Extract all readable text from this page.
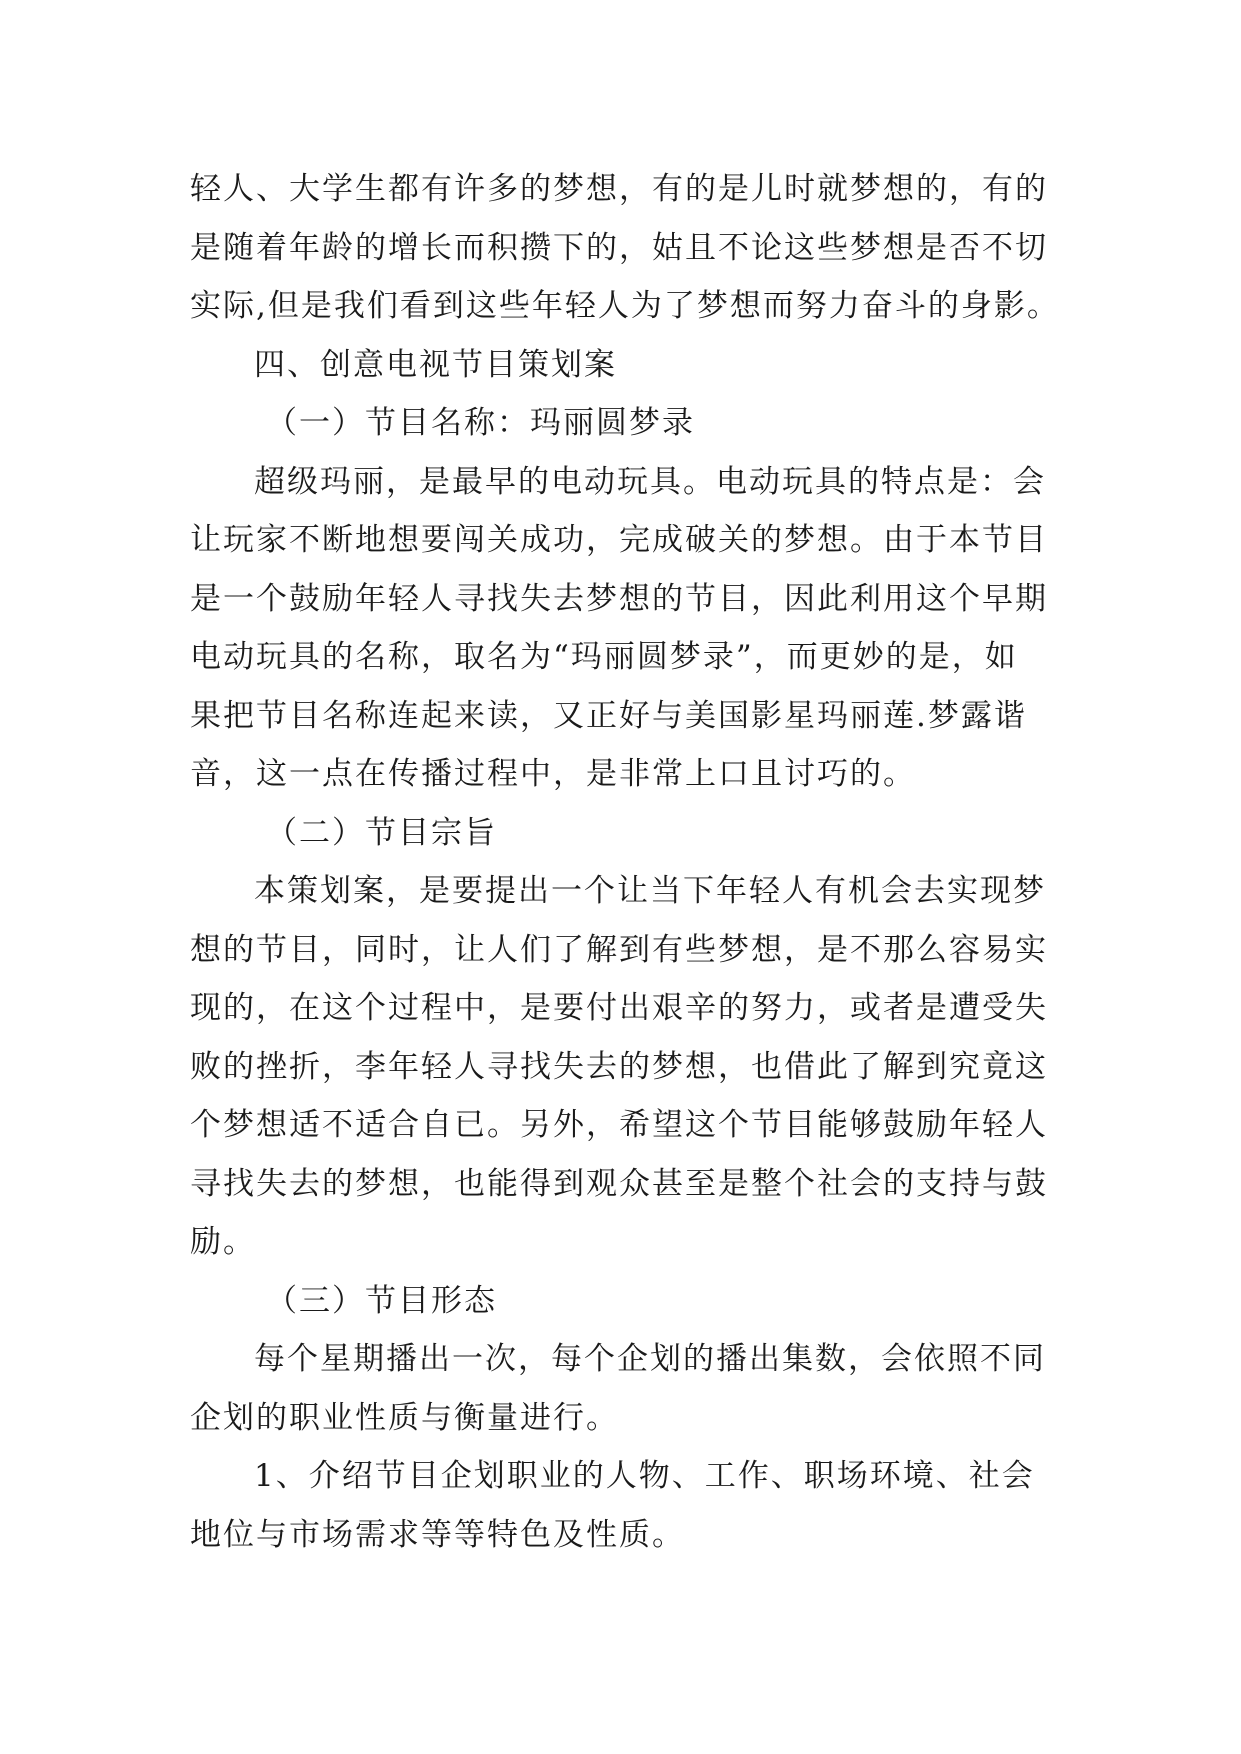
轻人、大学生都有许多的梦想，有的是儿时就梦想的，有的

是随着年龄的增长而积攒下的，姑且不论这些梦想是否不切

实际,但是我们看到这些年轻人为了梦想而努力奋斗的身影。

四、创意电视节目策划案

（一）节目名称：玛丽圆梦录

超级玛丽，是最早的电动玩具。电动玩具的特点是：会

让玩家不断地想要闯关成功，完成破关的梦想。由于本节目

是一个鼓励年轻人寻找失去梦想的节目，因此利用这个早期

电动玩具的名称，取名为“玛丽圆梦录”，而更妙的是，如

果把节目名称连起来读，又正好与美国影星玛丽莲.梦露谐

音，这一点在传播过程中，是非常上口且讨巧的。

（二）节目宗旨

本策划案，是要提出一个让当下年轻人有机会去实现梦

想的节目，同时，让人们了解到有些梦想，是不那么容易实

现的，在这个过程中，是要付出艰辛的努力，或者是遭受失

败的挫折，李年轻人寻找失去的梦想，也借此了解到究竟这

个梦想适不适合自已。另外，希望这个节目能够鼓励年轻人

寻找失去的梦想，也能得到观众甚至是整个社会的支持与鼓

励。

（三）节目形态

每个星期播出一次，每个企划的播出集数，会依照不同

企划的职业性质与衡量进行。

1、介绍节目企划职业的人物、工作、职场环境、社会

地位与市场需求等等特色及性质。
